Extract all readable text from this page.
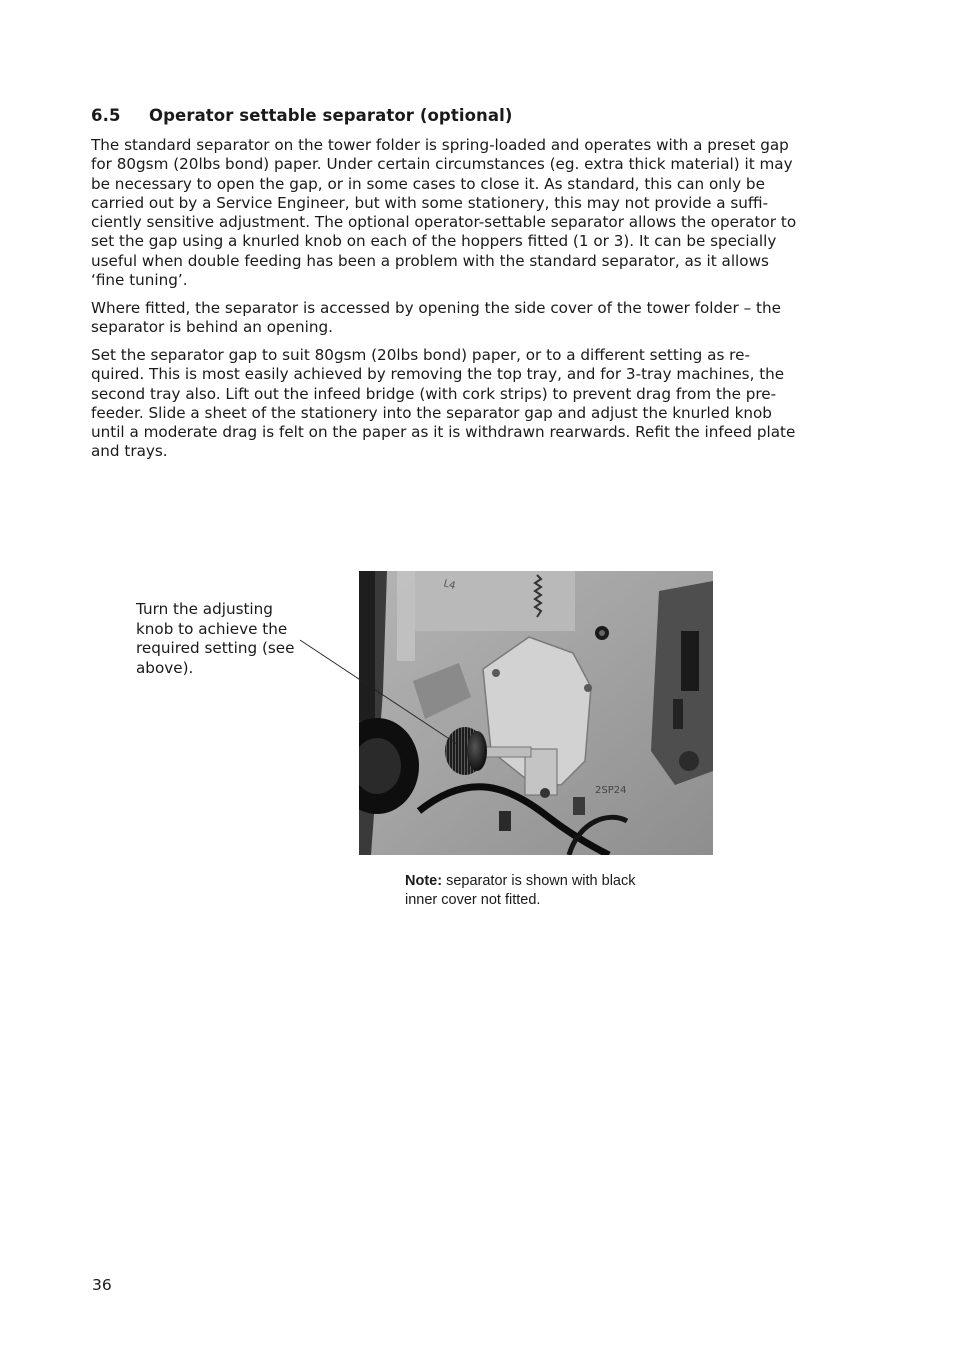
6.5 Operator settable separator (optional)

The standard separator on the tower folder is spring-loaded and operates with a preset gap
for 80gsm (20lbs bond) paper. Under certain circumstances (eg. extra thick material) it may
be necessary to open the gap, or in some cases to close it. As standard, this can only be
carried out by a Service Engineer, but with some stationery, this may not provide a suffi-
ciently sensitive adjustment. The optional operator-settable separator allows the operator to
set the gap using a knurled knob on each of the hoppers fitted (1 or 3). It can be specially
useful when double feeding has been a problem with the standard separator, as it allows
‘fine tuning’.

Where fitted, the separator is accessed by opening the side cover of the tower folder – the
separator is behind an opening.

Set the separator gap to suit 80gsm (20lbs bond) paper, or to a different setting as re-
quired. This is most easily achieved by removing the top tray, and for 3-tray machines, the
second tray also. Lift out the infeed bridge (with cork strips) to prevent drag from the pre-
feeder. Slide a sheet of the stationery into the separator gap and adjust the knurled knob
until a moderate drag is felt on the paper as it is withdrawn rearwards. Refit the infeed plate
and trays.

Turn the adjusting
knob to achieve the
required setting (see
above).
L4
2SP24
Note: separator is shown with black
inner cover not fitted.
36
